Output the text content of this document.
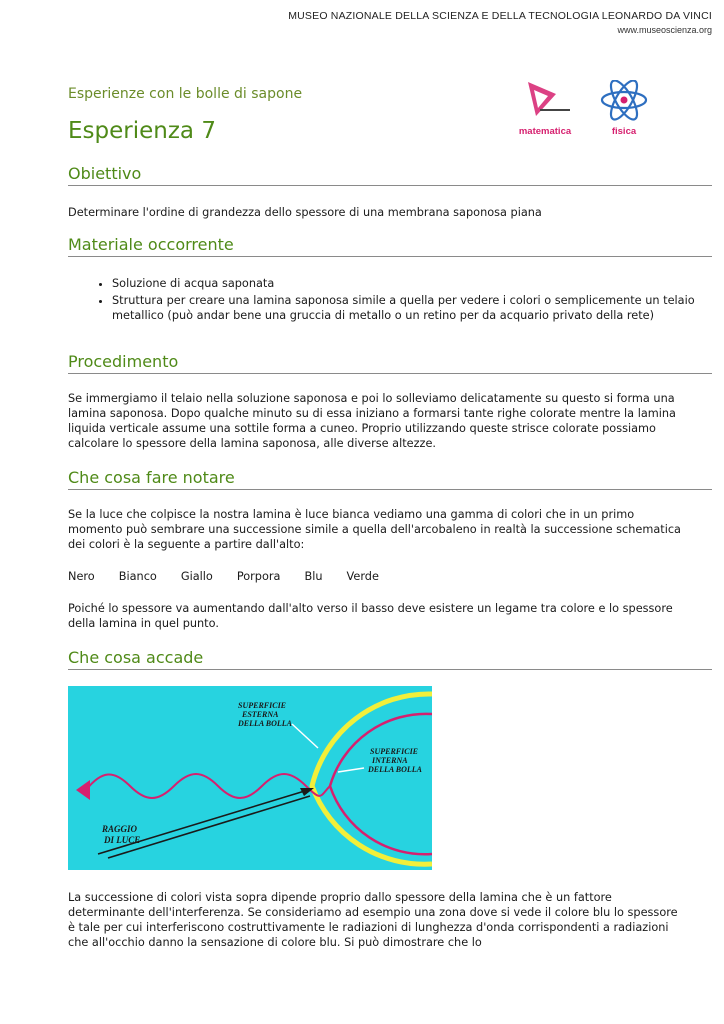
MUSEO NAZIONALE DELLA SCIENZA E DELLA TECNOLOGIA LEONARDO DA VINCI
www.museoscienza.org
Esperienze con le bolle di sapone
Esperienza 7	matematica	fisica
Obiettivo
Determinare l'ordine di grandezza dello spessore di una membrana saponosa piana
Materiale occorrente
• Soluzione di acqua saponata
• Struttura per creare una lamina saponosa simile a quella per vedere i colori o semplicemente un telaio metallico (può andar bene una gruccia di metallo o un retino per da acquario privato della rete)
Procedimento
Se immergiamo il telaio nella soluzione saponosa e poi lo solleviamo delicatamente su questo si forma una lamina saponosa. Dopo qualche minuto su di essa iniziano a formarsi tante righe colorate mentre la lamina liquida verticale assume una sottile forma a cuneo. Proprio utilizzando queste strisce colorate possiamo calcolare lo spessore della lamina saponosa, alle diverse altezze.
Che cosa fare notare
Se la luce che colpisce la nostra lamina è luce bianca vediamo una gamma di colori che in un primo momento può sembrare una successione simile a quella dell'arcobaleno in realtà la successione schematica dei colori è la seguente a partire dall'alto:
Nero Bianco Giallo Porpora Blu Verde
Poiché lo spessore va aumentando dall'alto verso il basso deve esistere un legame tra colore e lo spessore della lamina in quel punto.
Che cosa accade
SUPERFICIE
ESTERNA
DELLA BOLLA
SUPERFICIE
INTERNA
DELLA BOLLA
RAGGIO
DI LUCE
La successione di colori vista sopra dipende proprio dallo spessore della lamina che è un fattore determinante dell'interferenza. Se consideriamo ad esempio una zona dove si vede il colore blu lo spessore è tale per cui interferiscono costruttivamente le radiazioni di lunghezza d'onda corrispondenti a radiazioni che all'occhio danno la sensazione di colore blu. Si può dimostrare che lo
